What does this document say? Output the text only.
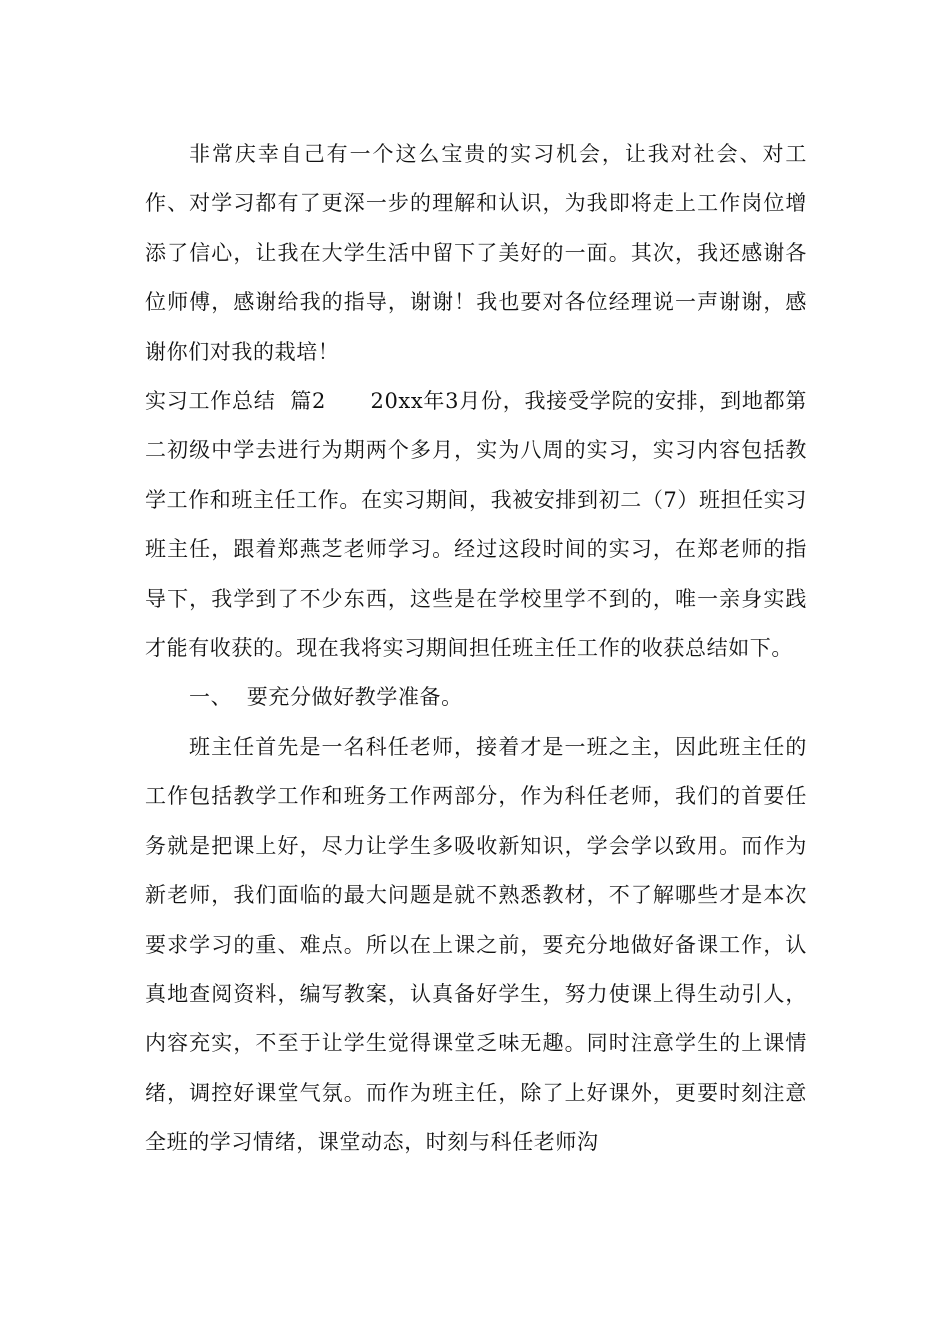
非常庆幸自己有一个这么宝贵的实习机会，让我对社会、对工作、对学习都有了更深一步的理解和认识，为我即将走上工作岗位增添了信心，让我在大学生活中留下了美好的一面。其次，我还感谢各位师傅，感谢给我的指导，谢谢！我也要对各位经理说一声谢谢，感谢你们对我的栽培！

实习工作总结  篇2      20xx年3月份，我接受学院的安排，到地都第二初级中学去进行为期两个多月，实为八周的实习，实习内容包括教学工作和班主任工作。在实习期间，我被安排到初二（7）班担任实习班主任，跟着郑燕芝老师学习。经过这段时间的实习，在郑老师的指导下，我学到了不少东西，这些是在学校里学不到的，唯一亲身实践才能有收获的。现在我将实习期间担任班主任工作的收获总结如下。

一、  要充分做好教学准备。

班主任首先是一名科任老师，接着才是一班之主，因此班主任的工作包括教学工作和班务工作两部分，作为科任老师，我们的首要任务就是把课上好，尽力让学生多吸收新知识，学会学以致用。而作为新老师，我们面临的最大问题是就不熟悉教材，不了解哪些才是本次要求学习的重、难点。所以在上课之前，要充分地做好备课工作，认真地查阅资料，编写教案，认真备好学生，努力使课上得生动引人，内容充实，不至于让学生觉得课堂乏味无趣。同时注意学生的上课情绪，调控好课堂气氛。而作为班主任，除了上好课外，更要时刻注意全班的学习情绪，课堂动态，时刻与科任老师沟
